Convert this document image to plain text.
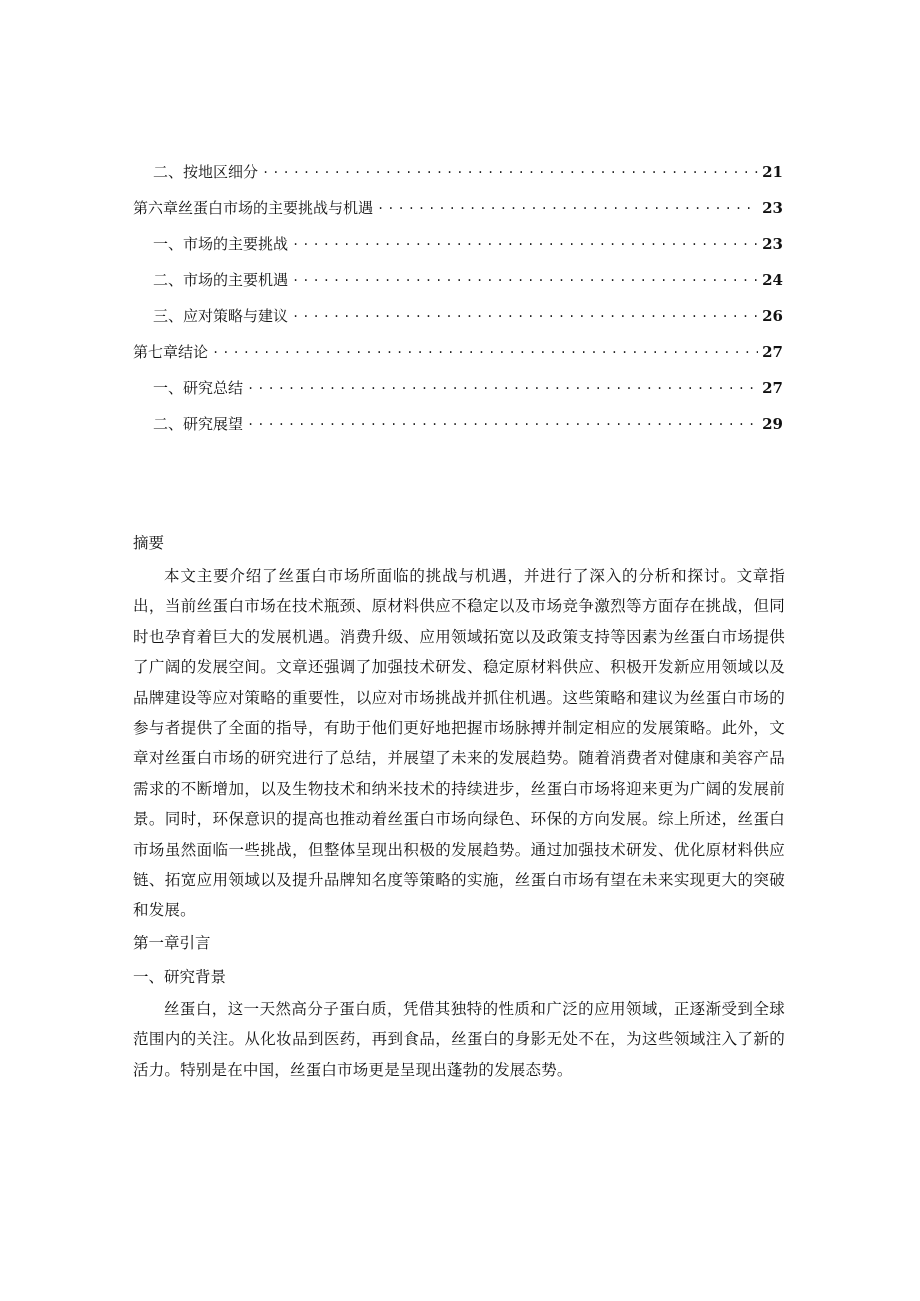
二、按地区细分 .....	21
第六章丝蛋白市场的主要挑战与机遇 .....	23
一、市场的主要挑战 .....	23
二、市场的主要机遇 .....	24
三、应对策略与建议 .....	26
第七章结论 .....	27
一、研究总结 .....	27
二、研究展望 .....	29

摘要

本文主要介绍了丝蛋白市场所面临的挑战与机遇，并进行了深入的分析和探讨。文章指出，当前丝蛋白市场在技术瓶颈、原材料供应不稳定以及市场竞争激烈等方面存在挑战，但同时也孕育着巨大的发展机遇。消费升级、应用领域拓宽以及政策支持等因素为丝蛋白市场提供了广阔的发展空间。文章还强调了加强技术研发、稳定原材料供应、积极开发新应用领域以及品牌建设等应对策略的重要性，以应对市场挑战并抓住机遇。这些策略和建议为丝蛋白市场的参与者提供了全面的指导，有助于他们更好地把握市场脉搏并制定相应的发展策略。此外，文章对丝蛋白市场的研究进行了总结，并展望了未来的发展趋势。随着消费者对健康和美容产品需求的不断增加，以及生物技术和纳米技术的持续进步，丝蛋白市场将迎来更为广阔的发展前景。同时，环保意识的提高也推动着丝蛋白市场向绿色、环保的方向发展。综上所述，丝蛋白市场虽然面临一些挑战，但整体呈现出积极的发展趋势。通过加强技术研发、优化原材料供应链、拓宽应用领域以及提升品牌知名度等策略的实施，丝蛋白市场有望在未来实现更大的突破和发展。

第一章引言

一、研究背景

丝蛋白，这一天然高分子蛋白质，凭借其独特的性质和广泛的应用领域，正逐渐受到全球范围内的关注。从化妆品到医药，再到食品，丝蛋白的身影无处不在，为这些领域注入了新的活力。特别是在中国，丝蛋白市场更是呈现出蓬勃的发展态势。
